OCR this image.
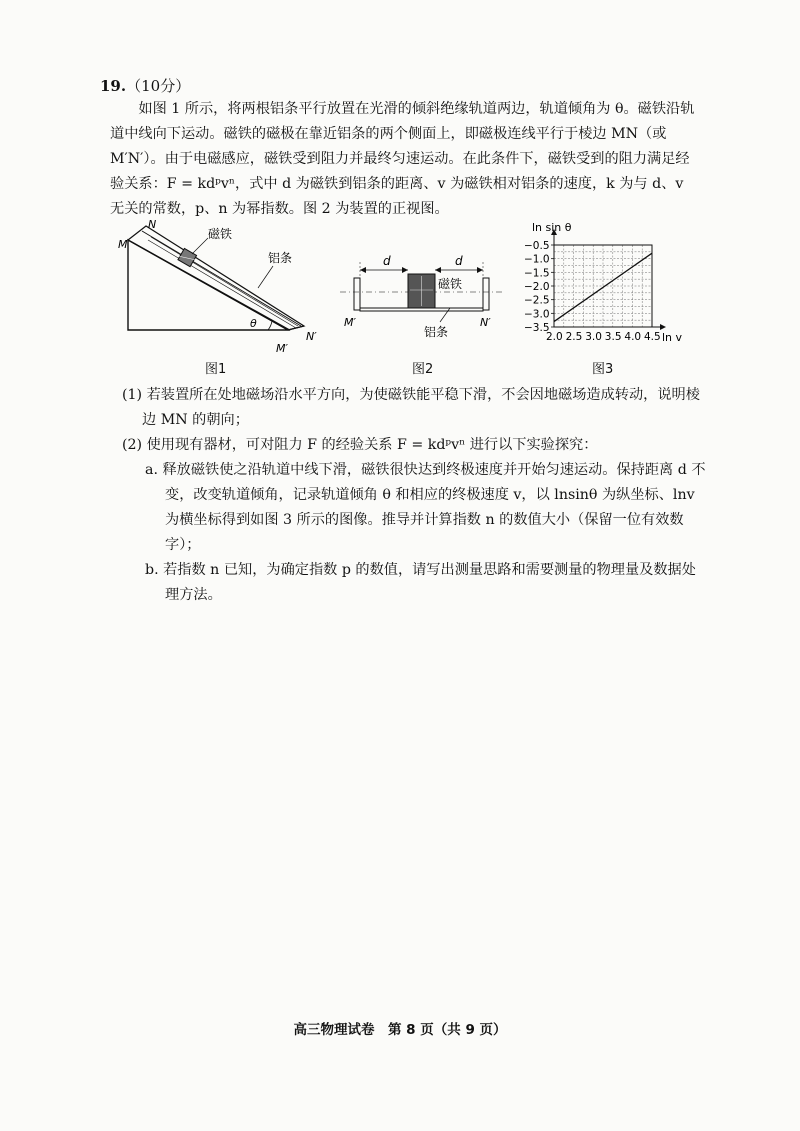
19.（10分）

如图 1 所示，将两根铝条平行放置在光滑的倾斜绝缘轨道两边，轨道倾角为 θ。磁铁沿轨道中线向下运动。磁铁的磁极在靠近铝条的两个侧面上，即磁极连线平行于棱边 MN（或 M′N′）。由于电磁感应，磁铁受到阻力并最终匀速运动。在此条件下，磁铁受到的阻力满足经验关系：F = kdᵖvⁿ，式中 d 为磁铁到铝条的距离、v 为磁铁相对铝条的速度，k 为与 d、v 无关的常数，p、n 为幂指数。图 2 为装置的正视图。

磁铁
铝条
θ
N
M
N′
M′
图1
d	d
磁铁
铝条
M′	N′
图2
2.0 2.5 3.0 3.5 4.0 4.5
−0.5
−1.0
−1.5
−2.0
−2.5
−3.0
−3.5
ln sin θ
ln v
图3
(1) 若装置所在处地磁场沿水平方向，为使磁铁能平稳下滑，不会因地磁场造成转动，说明棱边 MN 的朝向；
(2) 使用现有器材，可对阻力 F 的经验关系 F = kdᵖvⁿ 进行以下实验探究：
a. 释放磁铁使之沿轨道中线下滑，磁铁很快达到终极速度并开始匀速运动。保持距离 d 不变，改变轨道倾角，记录轨道倾角 θ 和相应的终极速度 v，以 lnsinθ 为纵坐标、lnv 为横坐标得到如图 3 所示的图像。推导并计算指数 n 的数值大小（保留一位有效数字）；
b. 若指数 n 已知，为确定指数 p 的数值，请写出测量思路和需要测量的物理量及数据处理方法。
高三物理试卷　第 8 页（共 9 页）
